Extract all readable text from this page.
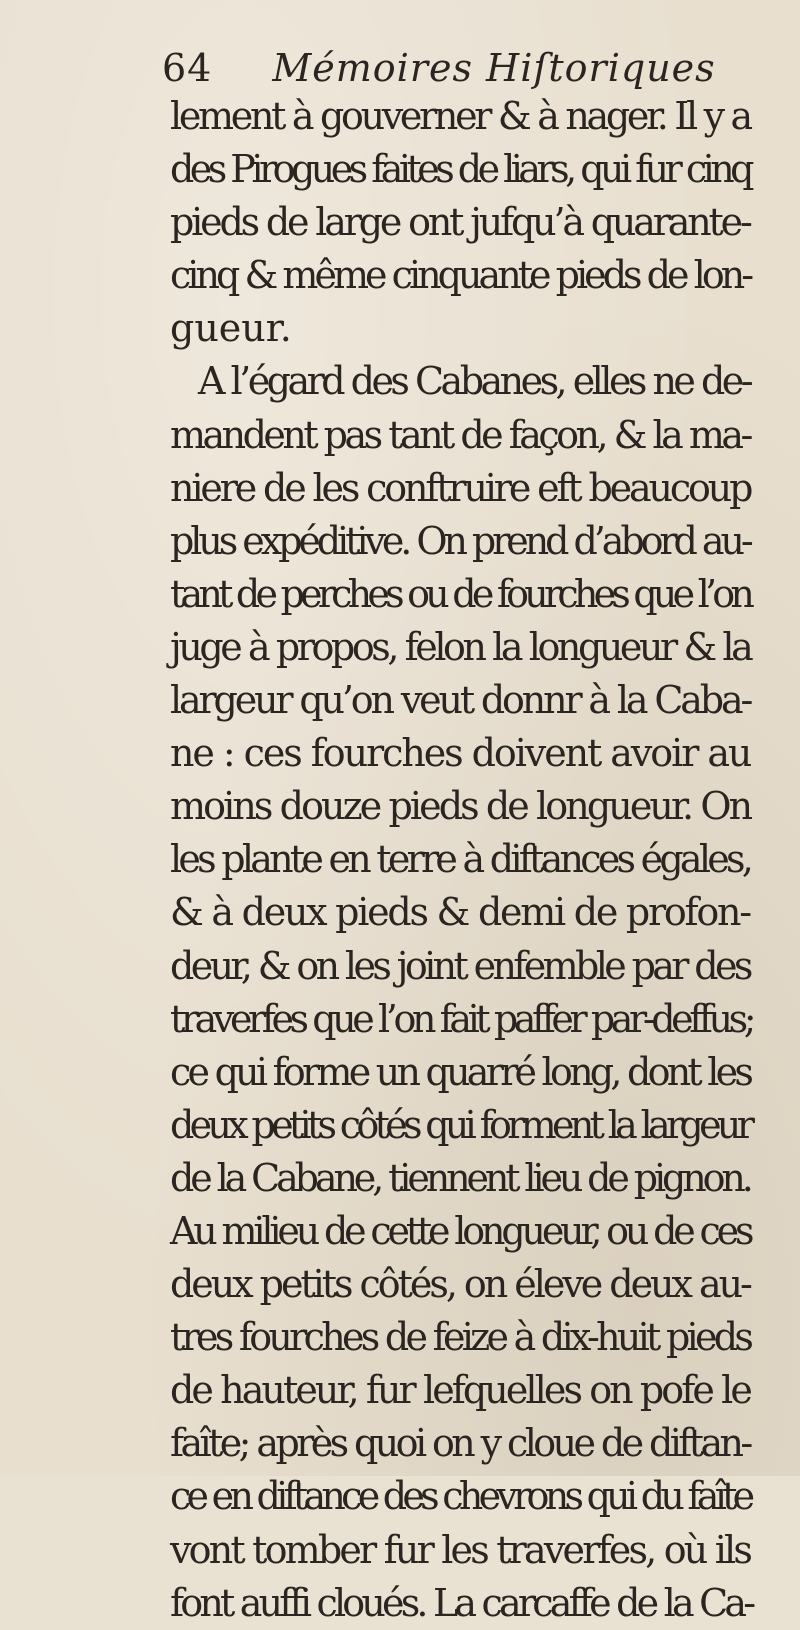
64 Mémoires Hiſtoriques
lement à gouverner & à nager. Il y a
des Pirogues faites de liars, qui fur cinq
pieds de large ont jufqu’à quarante-
cinq & même cinquante pieds de lon-
gueur.
A l’égard des Cabanes, elles ne de-
mandent pas tant de façon, & la ma-
niere de les conftruire eft beaucoup
plus expéditive. On prend d’abord au-
tant de perches ou de fourches que l’on
juge à propos, felon la longueur & la
largeur qu’on veut donnr à la Caba-
ne : ces fourches doivent avoir au
moins douze pieds de longueur. On
les plante en terre à diftances égales,
& à deux pieds & demi de profon-
deur, & on les joint enfemble par des
traverfes que l’on fait paffer par-deffus;
ce qui forme un quarré long, dont les
deux petits côtés qui forment la largeur
de la Cabane, tiennent lieu de pignon.
Au milieu de cette longueur, ou de ces
deux petits côtés, on éleve deux au-
tres fourches de feize à dix-huit pieds
de hauteur, fur lefquelles on pofe le
faîte; après quoi on y cloue de diftan-
ce en diftance des chevrons qui du faîte
vont tomber fur les traverfes, où ils
font auffi cloués. La carcaffe de la Ca-
